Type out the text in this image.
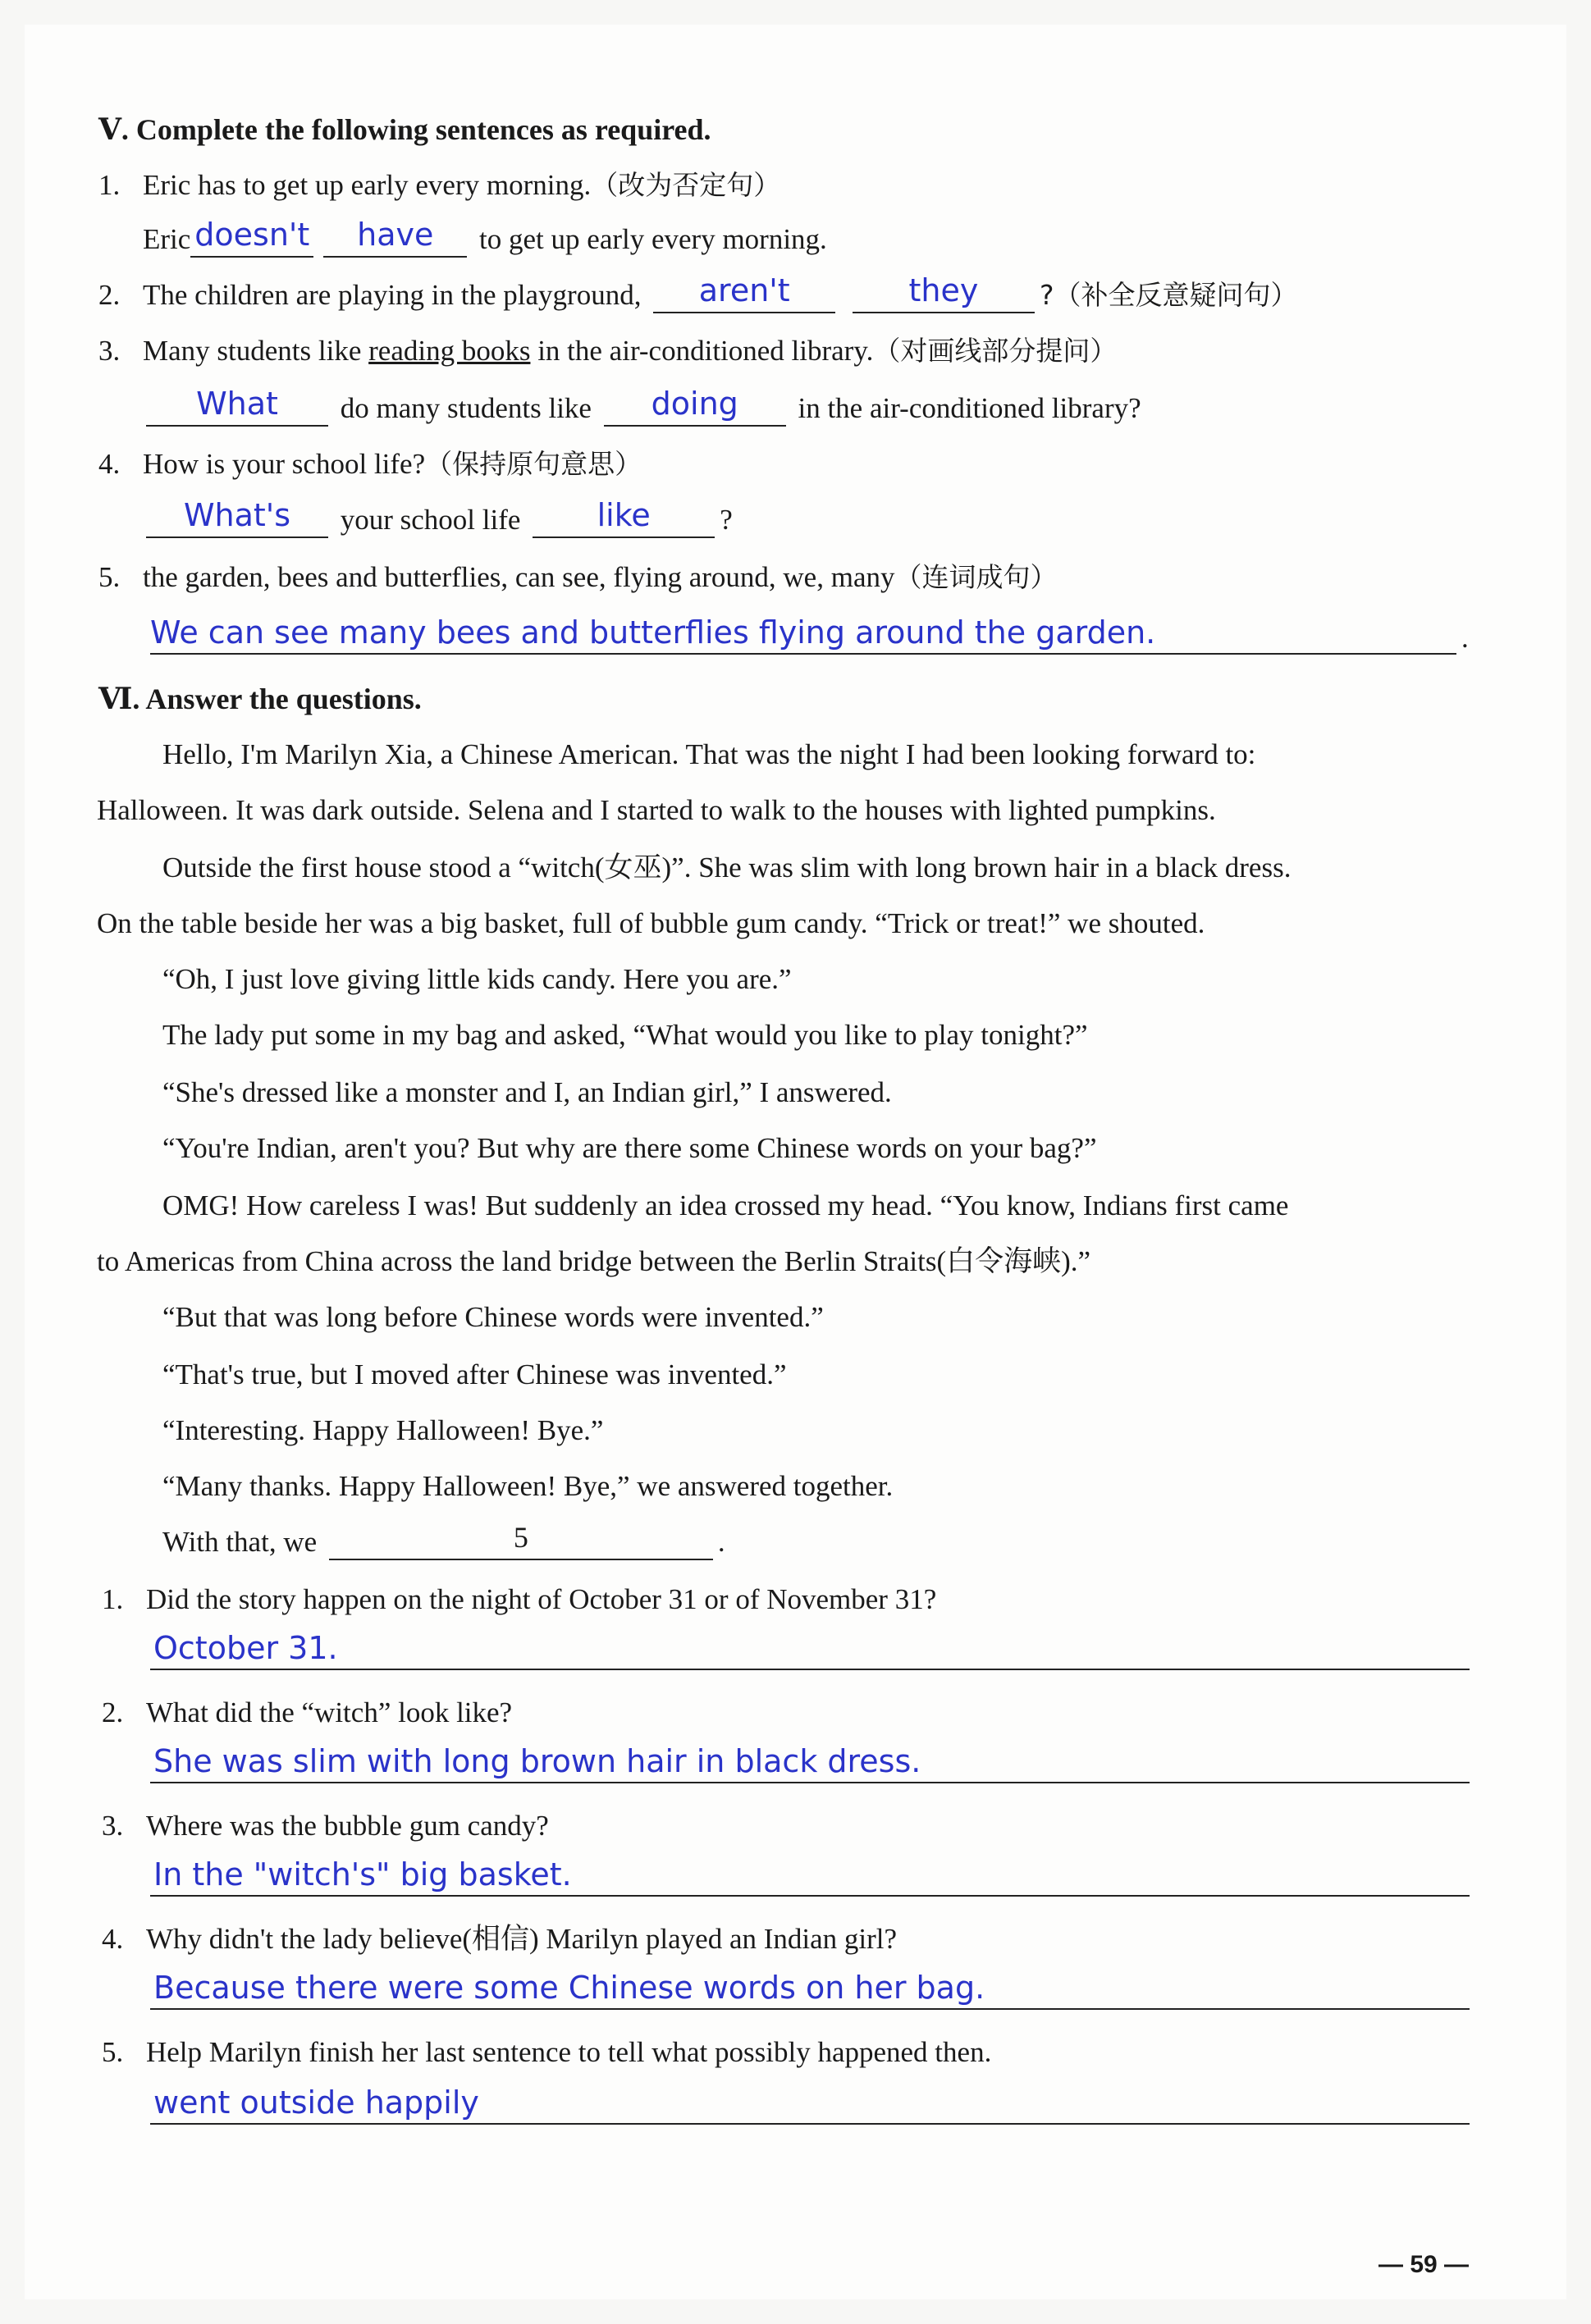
Ⅴ. Complete the following sentences as required.
1. Eric has to get up early every morning.（改为否定句）
Eric doesn't	have	to get up early every morning.
2. The children are playing in the playground,	aren't
	they	?（补全反意疑问句）
3. Many students like reading books in the air-conditioned library.（对画线部分提问）
What	do many students like	doing	in the air-conditioned library?
4. How is your school life?（保持原句意思）
What's	your school life	like	?
5. the garden, bees and butterflies, can see, flying around, we, many（连词成句）
We can see many bees and butterflies flying around the garden.	.
Ⅵ. Answer the questions.
Hello, I'm Marilyn Xia, a Chinese American. That was the night I had been looking forward to:
Halloween. It was dark outside. Selena and I started to walk to the houses with lighted pumpkins.
Outside the first house stood a “witch(女巫)”. She was slim with long brown hair in a black dress.
On the table beside her was a big basket, full of bubble gum candy. “Trick or treat!” we shouted.
“Oh, I just love giving little kids candy. Here you are.”
The lady put some in my bag and asked, “What would you like to play tonight?”
“She's dressed like a monster and I, an Indian girl,” I answered.
“You're Indian, aren't you? But why are there some Chinese words on your bag?”
OMG! How careless I was! But suddenly an idea crossed my head. “You know, Indians first came
to Americas from China across the land bridge between the Berlin Straits(白令海峡).”
“But that was long before Chinese words were invented.”
“That's true, but I moved after Chinese was invented.”
“Interesting. Happy Halloween! Bye.”
“Many thanks. Happy Halloween! Bye,” we answered together.
With that, we	5	.
1. Did the story happen on the night of October 31 or of November 31?
October 31.
2. What did the “witch” look like?
She was slim with long brown hair in black dress.
3. Where was the bubble gum candy?
In the "witch's" big basket.
4. Why didn't the lady believe(相信) Marilyn played an Indian girl?
Because there were some Chinese words on her bag.
5. Help Marilyn finish her last sentence to tell what possibly happened then.
went outside happily
— 59 —
